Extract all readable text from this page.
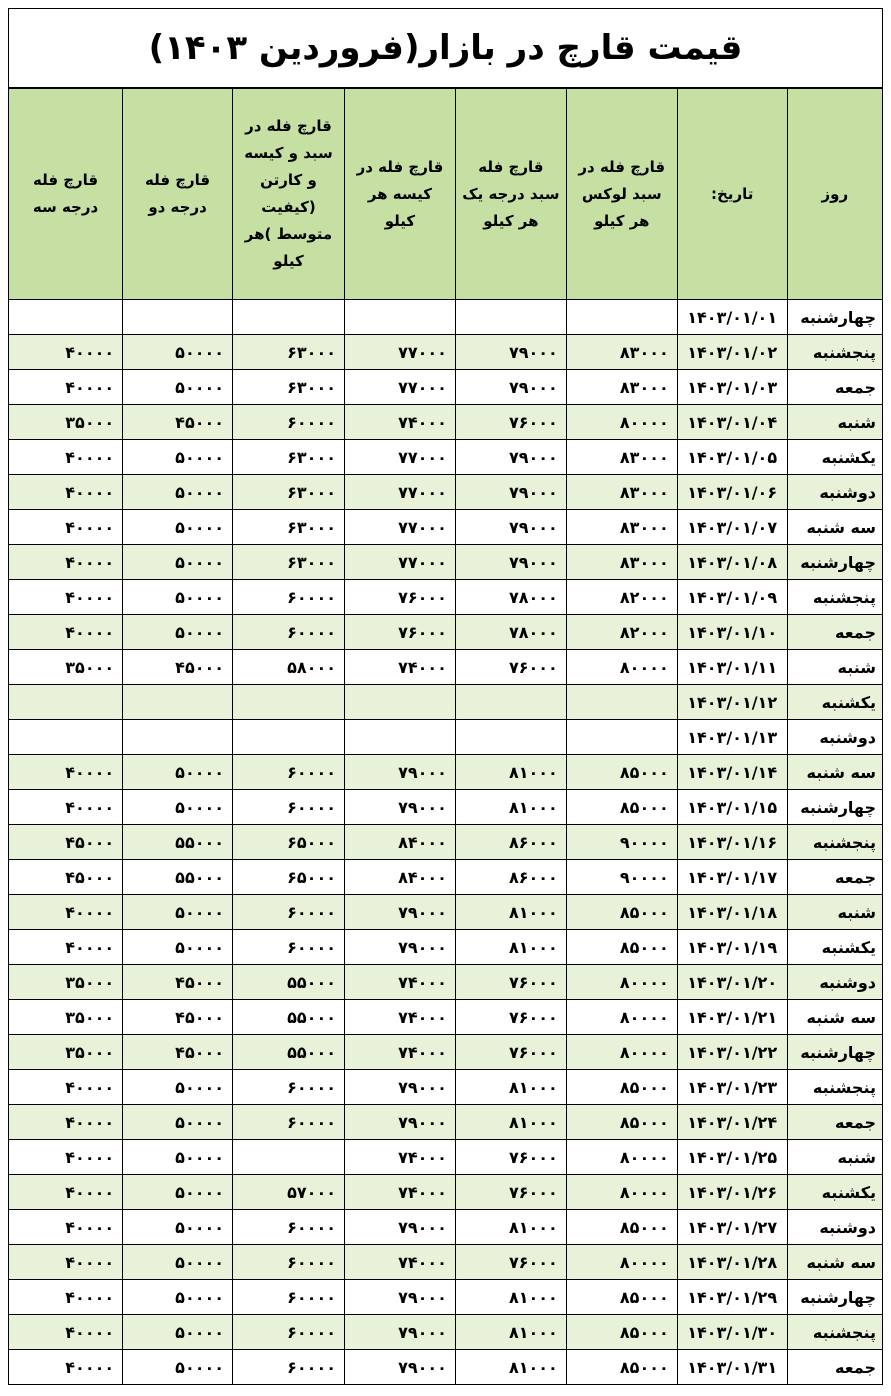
قیمت قارچ در بازار(فروردین ۱۴۰۳)
روز	تاریخ:	قارچ فله در سبد لوکس هر کیلو	قارچ فله سبد درجه یک هر کیلو	قارچ فله در کیسه هر کیلو	قارچ فله در سبد و کیسه و کارتن (کیفیت متوسط )هر کیلو	قارچ فله درجه دو	قارچ فله درجه سه
چهارشنبه	۱۴۰۳/۰۱/۰۱						
پنجشنبه	۱۴۰۳/۰۱/۰۲	۸۳۰۰۰	۷۹۰۰۰	۷۷۰۰۰	۶۳۰۰۰	۵۰۰۰۰	۴۰۰۰۰
جمعه	۱۴۰۳/۰۱/۰۳	۸۳۰۰۰	۷۹۰۰۰	۷۷۰۰۰	۶۳۰۰۰	۵۰۰۰۰	۴۰۰۰۰
شنبه	۱۴۰۳/۰۱/۰۴	۸۰۰۰۰	۷۶۰۰۰	۷۴۰۰۰	۶۰۰۰۰	۴۵۰۰۰	۳۵۰۰۰
یکشنبه	۱۴۰۳/۰۱/۰۵	۸۳۰۰۰	۷۹۰۰۰	۷۷۰۰۰	۶۳۰۰۰	۵۰۰۰۰	۴۰۰۰۰
دوشنبه	۱۴۰۳/۰۱/۰۶	۸۳۰۰۰	۷۹۰۰۰	۷۷۰۰۰	۶۳۰۰۰	۵۰۰۰۰	۴۰۰۰۰
سه شنبه	۱۴۰۳/۰۱/۰۷	۸۳۰۰۰	۷۹۰۰۰	۷۷۰۰۰	۶۳۰۰۰	۵۰۰۰۰	۴۰۰۰۰
چهارشنبه	۱۴۰۳/۰۱/۰۸	۸۳۰۰۰	۷۹۰۰۰	۷۷۰۰۰	۶۳۰۰۰	۵۰۰۰۰	۴۰۰۰۰
پنجشنبه	۱۴۰۳/۰۱/۰۹	۸۲۰۰۰	۷۸۰۰۰	۷۶۰۰۰	۶۰۰۰۰	۵۰۰۰۰	۴۰۰۰۰
جمعه	۱۴۰۳/۰۱/۱۰	۸۲۰۰۰	۷۸۰۰۰	۷۶۰۰۰	۶۰۰۰۰	۵۰۰۰۰	۴۰۰۰۰
شنبه	۱۴۰۳/۰۱/۱۱	۸۰۰۰۰	۷۶۰۰۰	۷۴۰۰۰	۵۸۰۰۰	۴۵۰۰۰	۳۵۰۰۰
یکشنبه	۱۴۰۳/۰۱/۱۲						
دوشنبه	۱۴۰۳/۰۱/۱۳						
سه شنبه	۱۴۰۳/۰۱/۱۴	۸۵۰۰۰	۸۱۰۰۰	۷۹۰۰۰	۶۰۰۰۰	۵۰۰۰۰	۴۰۰۰۰
چهارشنبه	۱۴۰۳/۰۱/۱۵	۸۵۰۰۰	۸۱۰۰۰	۷۹۰۰۰	۶۰۰۰۰	۵۰۰۰۰	۴۰۰۰۰
پنجشنبه	۱۴۰۳/۰۱/۱۶	۹۰۰۰۰	۸۶۰۰۰	۸۴۰۰۰	۶۵۰۰۰	۵۵۰۰۰	۴۵۰۰۰
جمعه	۱۴۰۳/۰۱/۱۷	۹۰۰۰۰	۸۶۰۰۰	۸۴۰۰۰	۶۵۰۰۰	۵۵۰۰۰	۴۵۰۰۰
شنبه	۱۴۰۳/۰۱/۱۸	۸۵۰۰۰	۸۱۰۰۰	۷۹۰۰۰	۶۰۰۰۰	۵۰۰۰۰	۴۰۰۰۰
یکشنبه	۱۴۰۳/۰۱/۱۹	۸۵۰۰۰	۸۱۰۰۰	۷۹۰۰۰	۶۰۰۰۰	۵۰۰۰۰	۴۰۰۰۰
دوشنبه	۱۴۰۳/۰۱/۲۰	۸۰۰۰۰	۷۶۰۰۰	۷۴۰۰۰	۵۵۰۰۰	۴۵۰۰۰	۳۵۰۰۰
سه شنبه	۱۴۰۳/۰۱/۲۱	۸۰۰۰۰	۷۶۰۰۰	۷۴۰۰۰	۵۵۰۰۰	۴۵۰۰۰	۳۵۰۰۰
چهارشنبه	۱۴۰۳/۰۱/۲۲	۸۰۰۰۰	۷۶۰۰۰	۷۴۰۰۰	۵۵۰۰۰	۴۵۰۰۰	۳۵۰۰۰
پنجشنبه	۱۴۰۳/۰۱/۲۳	۸۵۰۰۰	۸۱۰۰۰	۷۹۰۰۰	۶۰۰۰۰	۵۰۰۰۰	۴۰۰۰۰
جمعه	۱۴۰۳/۰۱/۲۴	۸۵۰۰۰	۸۱۰۰۰	۷۹۰۰۰	۶۰۰۰۰	۵۰۰۰۰	۴۰۰۰۰
شنبه	۱۴۰۳/۰۱/۲۵	۸۰۰۰۰	۷۶۰۰۰	۷۴۰۰۰		۵۰۰۰۰	۴۰۰۰۰
یکشنبه	۱۴۰۳/۰۱/۲۶	۸۰۰۰۰	۷۶۰۰۰	۷۴۰۰۰	۵۷۰۰۰	۵۰۰۰۰	۴۰۰۰۰
دوشنبه	۱۴۰۳/۰۱/۲۷	۸۵۰۰۰	۸۱۰۰۰	۷۹۰۰۰	۶۰۰۰۰	۵۰۰۰۰	۴۰۰۰۰
سه شنبه	۱۴۰۳/۰۱/۲۸	۸۰۰۰۰	۷۶۰۰۰	۷۴۰۰۰	۶۰۰۰۰	۵۰۰۰۰	۴۰۰۰۰
چهارشنبه	۱۴۰۳/۰۱/۲۹	۸۵۰۰۰	۸۱۰۰۰	۷۹۰۰۰	۶۰۰۰۰	۵۰۰۰۰	۴۰۰۰۰
پنجشنبه	۱۴۰۳/۰۱/۳۰	۸۵۰۰۰	۸۱۰۰۰	۷۹۰۰۰	۶۰۰۰۰	۵۰۰۰۰	۴۰۰۰۰
جمعه	۱۴۰۳/۰۱/۳۱	۸۵۰۰۰	۸۱۰۰۰	۷۹۰۰۰	۶۰۰۰۰	۵۰۰۰۰	۴۰۰۰۰
